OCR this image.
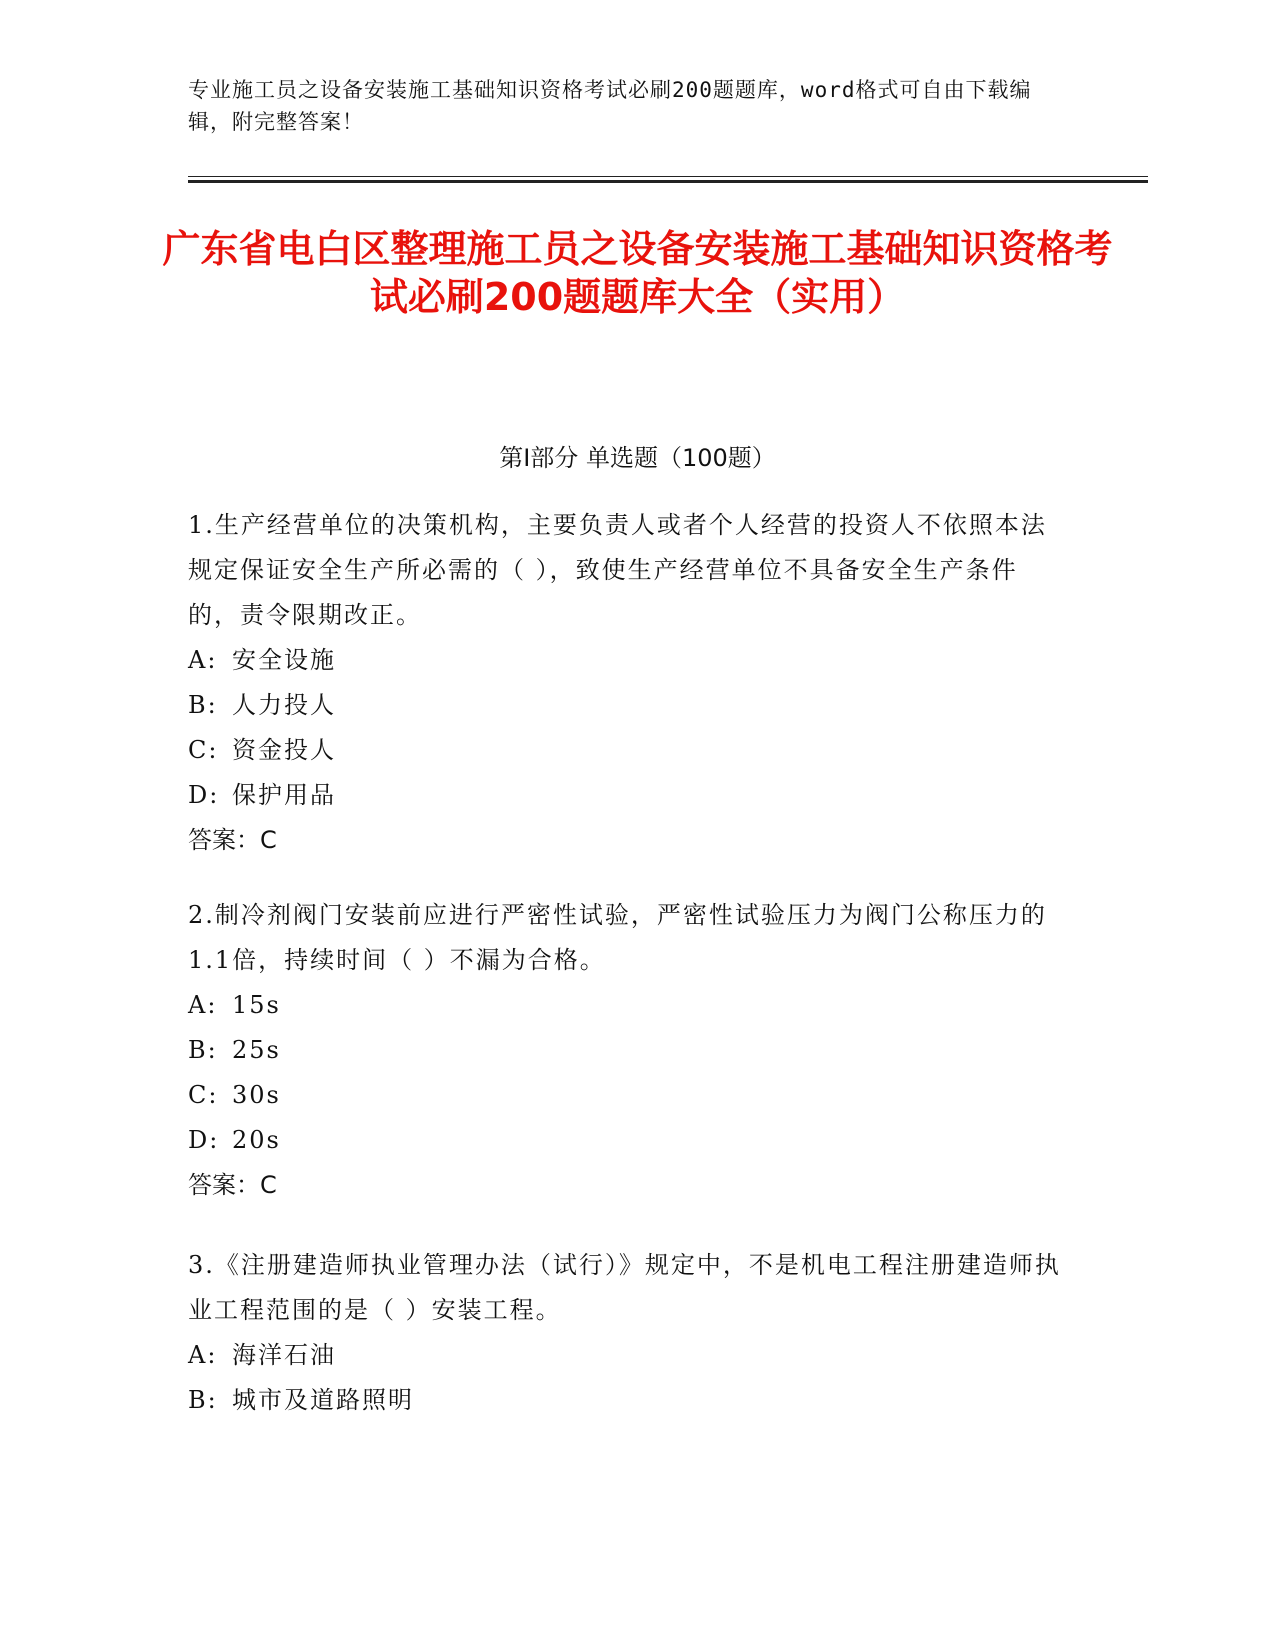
专业施工员之设备安装施工基础知识资格考试必刷200题题库，word格式可自由下载编辑，附完整答案！
广东省电白区整理施工员之设备安装施工基础知识资格考试必刷200题题库大全（实用）
第I部分 单选题（100题）

1.生产经营单位的决策机构，主要负责人或者个人经营的投资人不依照本法规定保证安全生产所必需的（ ），致使生产经营单位不具备安全生产条件的，责令限期改正。

A: 安全设施

B: 人力投人

C: 资金投人

D: 保护用品

答案：C

2.制冷剂阀门安装前应进行严密性试验，严密性试验压力为阀门公称压力的1.1倍，持续时间（ ）不漏为合格。

A: 15s

B: 25s

C: 30s

D: 20s

答案：C

3.《注册建造师执业管理办法（试行）》规定中，不是机电工程注册建造师执业工程范围的是（ ）安装工程。

A: 海洋石油

B: 城市及道路照明
